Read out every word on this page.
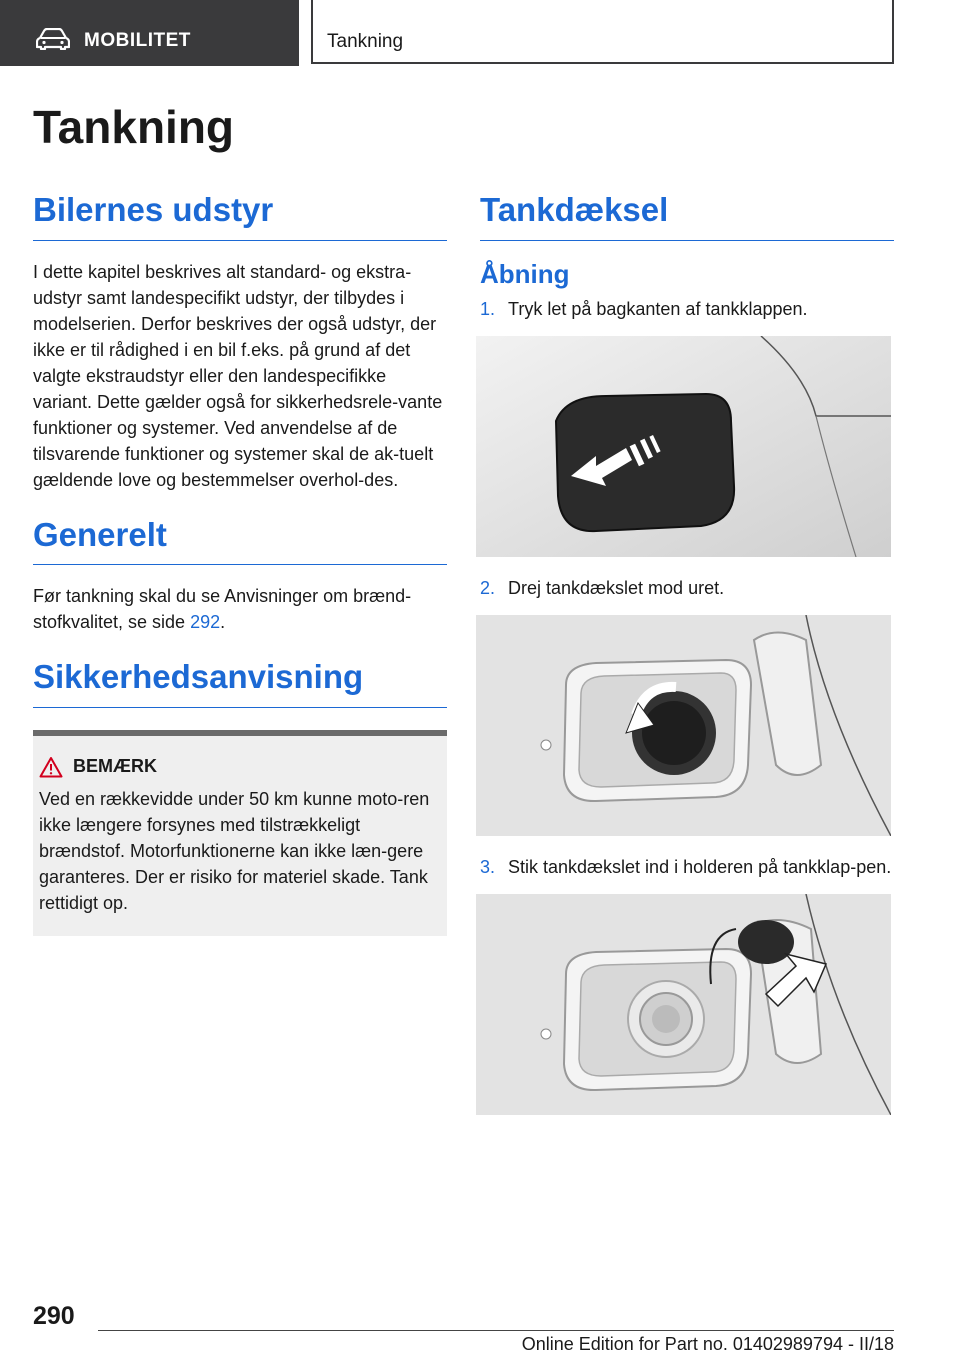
MOBILITET	Tankning
Tankning
Bilernes udstyr

I dette kapitel beskrives alt standard- og ekstra-udstyr samt landespecifikt udstyr, der tilbydes i modelserien. Derfor beskrives der også udstyr, der ikke er til rådighed i en bil f.eks. på grund af det valgte ekstraudstyr eller den landespecifikke variant. Dette gælder også for sikkerhedsrele-vante funktioner og systemer. Ved anvendelse af de tilsvarende funktioner og systemer skal de ak-tuelt gældende love og bestemmelser overhol-des.

Generelt

Før tankning skal du se Anvisninger om brænd-stofkvalitet, se side 292.

Sikkerhedsanvisning
BEMÆRK
Ved en rækkevidde under 50 km kunne moto-ren ikke længere forsynes med tilstrækkeligt brændstof. Motorfunktionerne kan ikke læn-gere garanteres. Der er risiko for materiel skade. Tank rettidigt op.
Tankdæksel
Åbning
1. Tryk let på bagkanten af tankklappen.
2. Drej tankdækslet mod uret.
3. Stik tankdækslet ind i holderen på tankklap-pen.
290
Online Edition for Part no. 01402989794 - II/18
